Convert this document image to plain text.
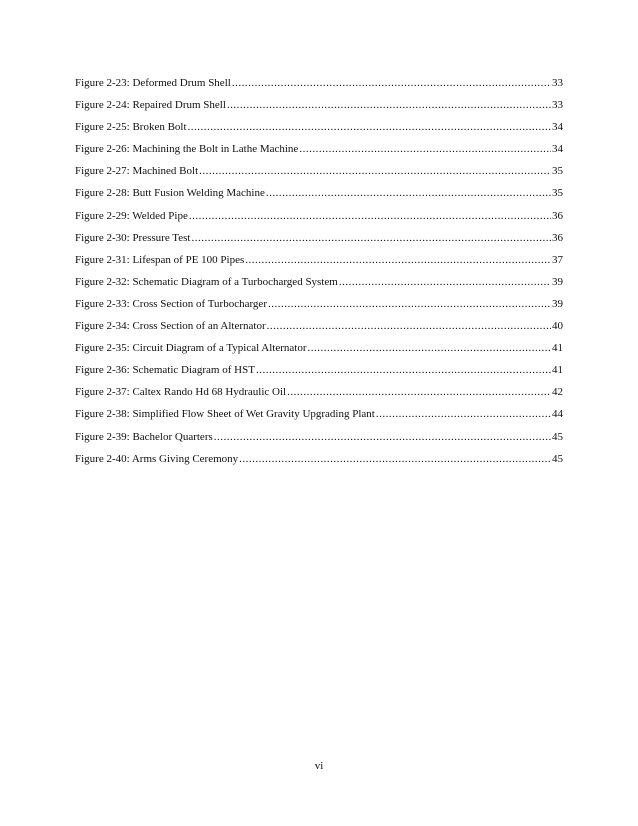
Figure 2-23: Deformed Drum Shell .....	33
Figure 2-24: Repaired Drum Shell .....	33
Figure 2-25: Broken Bolt .....	34
Figure 2-26: Machining the Bolt in Lathe Machine .....	34
Figure 2-27: Machined Bolt .....	35
Figure 2-28: Butt Fusion Welding Machine .....	35
Figure 2-29: Welded Pipe .....	36
Figure 2-30: Pressure Test .....	36
Figure 2-31: Lifespan of PE 100 Pipes .....	37
Figure 2-32: Schematic Diagram of a Turbocharged System .....	39
Figure 2-33: Cross Section of Turbocharger .....	39
Figure 2-34: Cross Section of an Alternator .....	40
Figure 2-35: Circuit Diagram of a Typical Alternator .....	41
Figure 2-36: Schematic Diagram of HST .....	41
Figure 2-37: Caltex Rando Hd 68 Hydraulic Oil .....	42
Figure 2-38: Simplified Flow Sheet of Wet Gravity Upgrading Plant .....	44
Figure 2-39: Bachelor Quarters .....	45
Figure 2-40: Arms Giving Ceremony .....	45
vi
